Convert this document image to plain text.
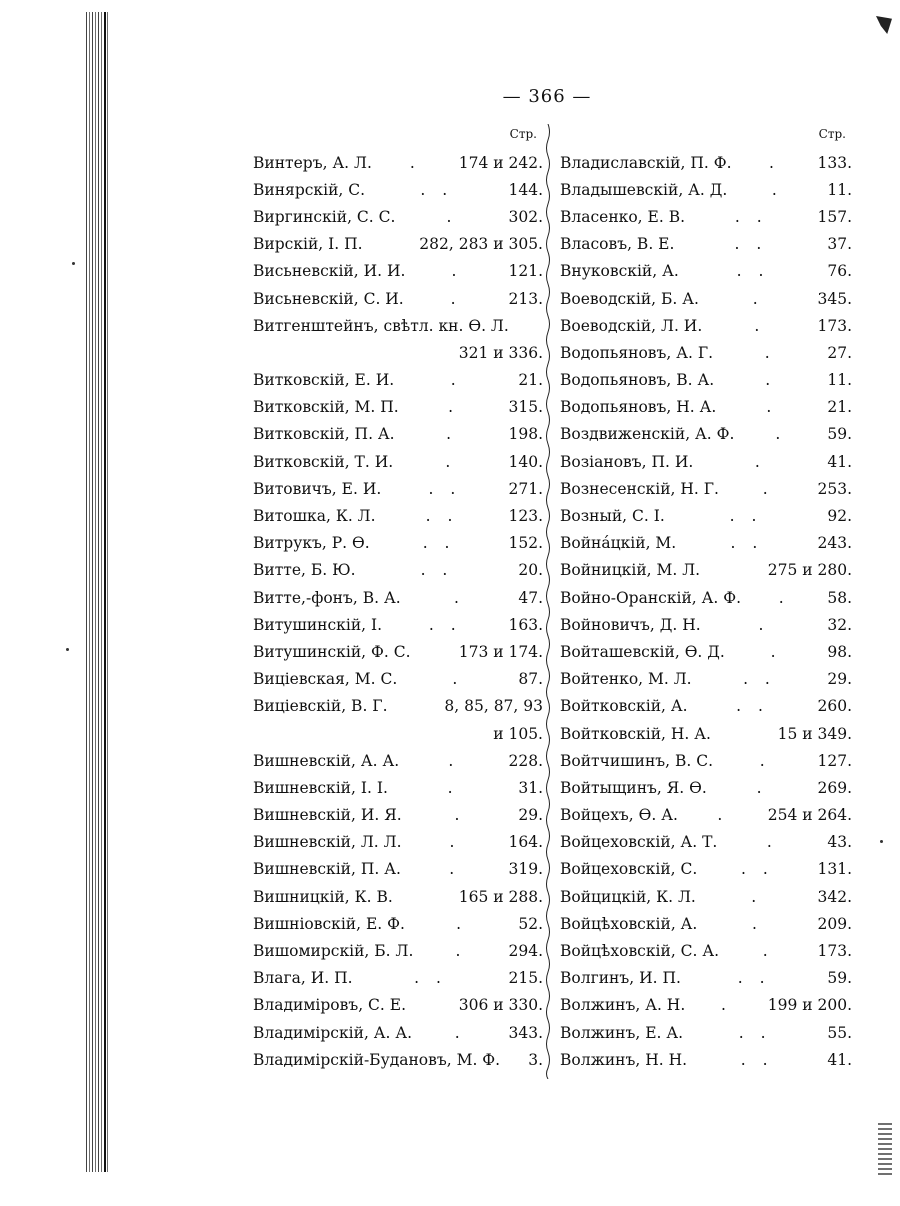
— 366 —
Стр.
Винтеръ, А. Л.	.	174 и 242.
Винярскій, С.	. .	144.
Виргинскій, С. С.	.	302.
Вирскій, І. П.	282, 283 и 305.
Висьневскій, И. И.	.	121.
Висьневскій, С. И.	.	213.
Витгенштейнъ, свѣтл. кн. Ѳ. Л.
321 и 336.
Витковскій, Е. И.	.	21.
Витковскій, М. П.	.	315.
Витковскій, П. А.	.	198.
Витковскій, Т. И.	.	140.
Витовичъ, Е. И.	. .	271.
Витошка, К. Л.	. .	123.
Витрукъ, Р. Ѳ.	. .	152.
Витте, Б. Ю.	. .	20.
Витте,-фонъ, В. А.	.	47.
Витушинскій, І.	. .	163.
Витушинскій, Ф. С.	173 и 174.
Виціевская, М. С.	.	87.
Виціевскій, В. Г.	8, 85, 87, 93
и 105.
Вишневскій, А. А.	.	228.
Вишневскій, І. І.	.	31.
Вишневскій, И. Я.	.	29.
Вишневскій, Л. Л.	.	164.
Вишневскій, П. А.	.	319.
Вишницкій, К. В.	165 и 288.
Вишніовскій, Е. Ф.	.	52.
Вишомирскій, Б. Л.	.	294.
Влага, И. П.	. .	215.
Владиміровъ, С. Е.	306 и 330.
Владимірскій, А. А.	.	343.
Владимірскій-Будановъ, М. Ф. 3.
Стр.
Владиславскій, П. Ф.	.	133.
Владышевскій, А. Д.	.	11.
Власенко, Е. В.	. .	157.
Власовъ, В. Е.	. .	37.
Внуковскій, А.	. .	76.
Воеводскій, Б. А.	.	345.
Воеводскій, Л. И.	.	173.
Водопьяновъ, А. Г.	.	27.
Водопьяновъ, В. А.	.	11.
Водопьяновъ, Н. А.	.	21.
Воздвиженскій, А. Ф.	.	59.
Возіановъ, П. И.	.	41.
Вознесенскій, Н. Г.	.	253.
Возный, С. І.	. .	92.
Война́цкій, М.	. .	243.
Войницкій, М. Л.	275 и 280.
Войно-Оранскій, А. Ф.	.	58.
Войновичъ, Д. Н.	.	32.
Войташевскій, Ѳ. Д.	.	98.
Войтенко, М. Л.	. .	29.
Войтковскій, А.	. .	260.
Войтковскій, Н. А.	15 и 349.
Войтчишинъ, В. С.	.	127.
Войтыщинъ, Я. Ѳ.	.	269.
Войцехъ, Ѳ. А.	.	254 и 264.
Войцеховскій, А. Т.	.	43.
Войцеховскій, С.	. .	131.
Войцицкій, К. Л.	.	342.
Войцѣховскій, А.	.	209.
Войцѣховскій, С. А.	.	173.
Волгинъ, И. П.	. .	59.
Волжинъ, А. Н.	.	199 и 200.
Волжинъ, Е. А.	. .	55.
Волжинъ, Н. Н.	. .	41.
